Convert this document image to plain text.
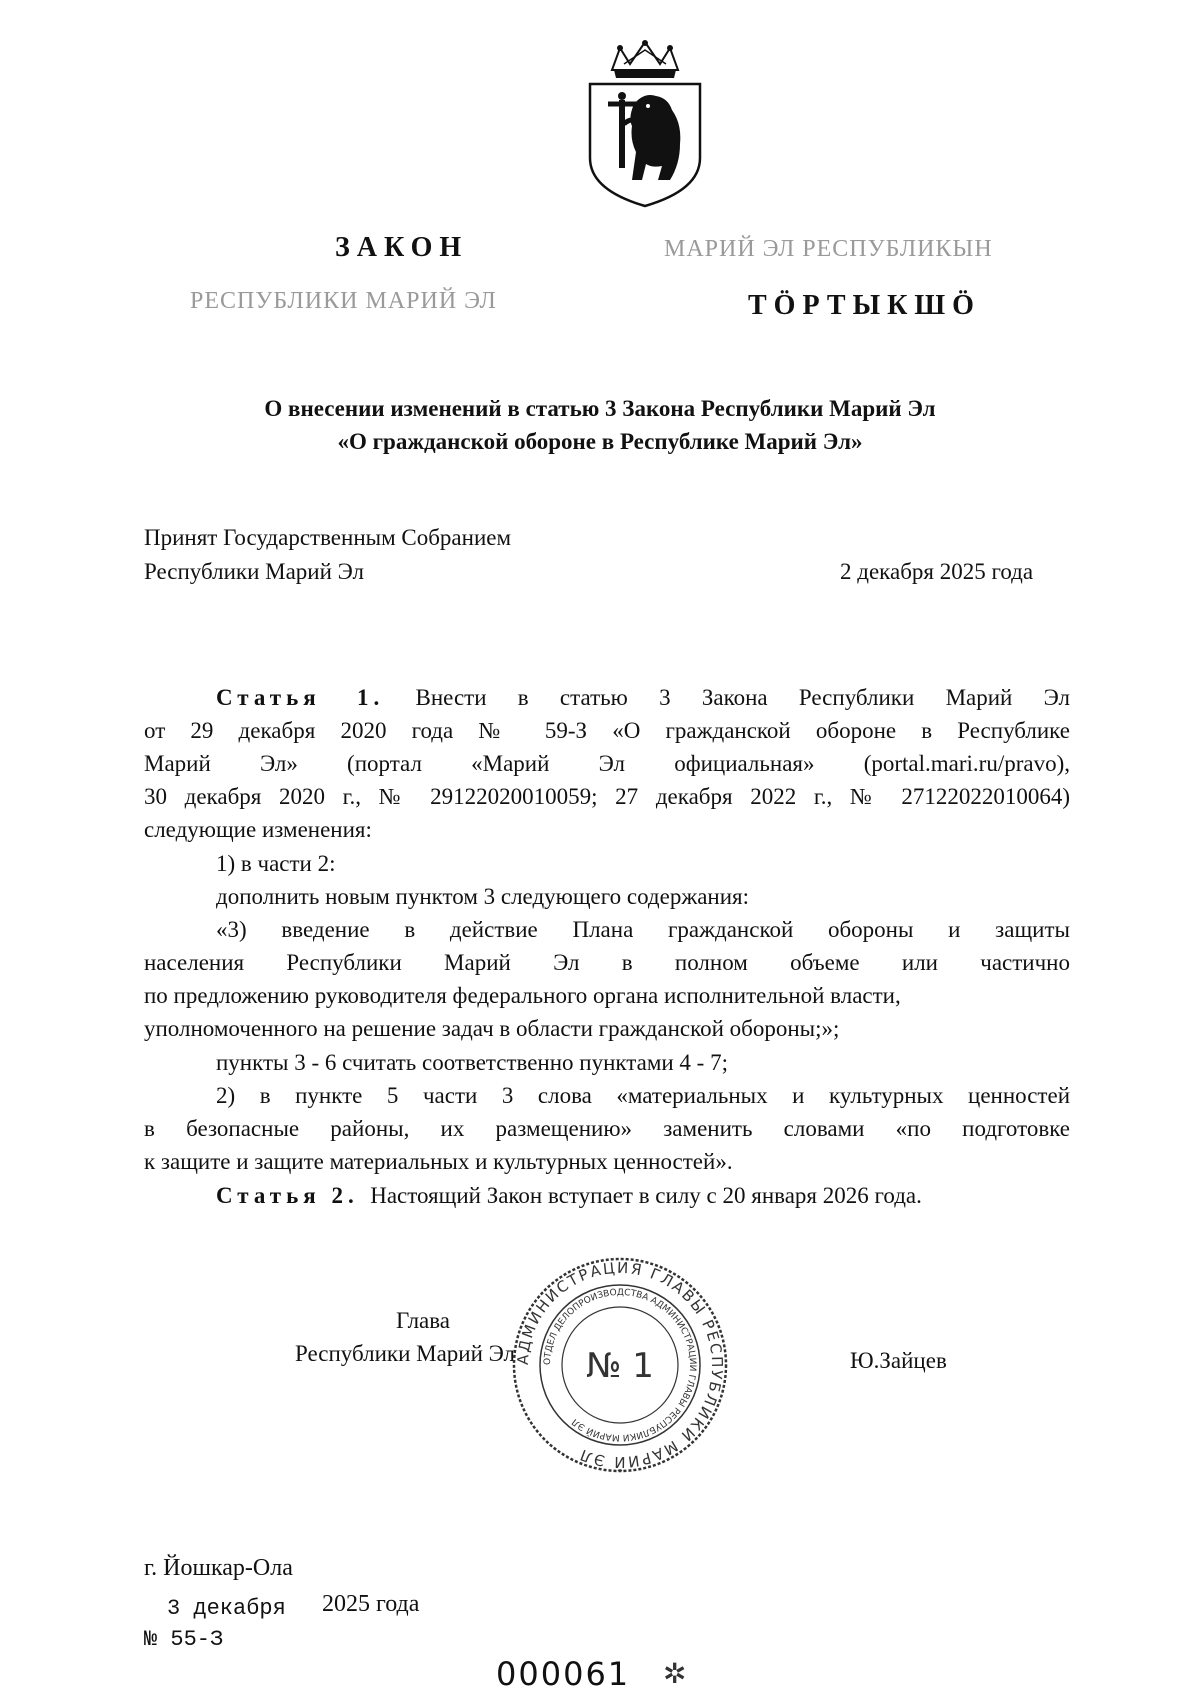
ЗАКОН
РЕСПУБЛИКИ МАРИЙ ЭЛ
МАРИЙ ЭЛ РЕСПУБЛИКЫН
ТӦРТЫКШӦ
О внесении изменений в статью 3 Закона Республики Марий Эл
«О гражданской обороне в Республике Марий Эл»
Принят Государственным Собранием
Республики Марий Эл	2 декабря 2025 года
Статья 1. Внести в статью 3 Закона Республики Марий Эл
от 29 декабря 2020 года № 59-З «О гражданской обороне в Республике
Марий Эл» (портал «Марий Эл официальная» (portal.mari.ru/pravo),
30 декабря 2020 г., № 29122020010059; 27 декабря 2022 г., № 27122022010064)
следующие изменения:
1) в части 2:
дополнить новым пунктом 3 следующего содержания:
«3) введение в действие Плана гражданской обороны и защиты
населения Республики Марий Эл в полном объеме или частично
по предложению руководителя федерального органа исполнительной власти,
уполномоченного на решение задач в области гражданской обороны;»;
пункты 3 - 6 считать соответственно пунктами 4 - 7;
2) в пункте 5 части 3 слова «материальных и культурных ценностей
в безопасные районы, их размещению» заменить словами «по подготовке
к защите и защите материальных и культурных ценностей».
Статья 2. Настоящий Закон вступает в силу с 20 января 2026 года.
Глава
Республики Марий Эл	Ю.Зайцев
АДМИНИСТРАЦИЯ ГЛАВЫ РЕСПУБЛИКИ МАРИЙ ЭЛ
ОТДЕЛ ДЕЛОПРОИЗВОДСТВА АДМИНИСТРАЦИИ ГЛАВЫ РЕСПУБЛИКИ МАРИЙ ЭЛ
№ 1
г. Йошкар-Ола
3 декабря 2025 года
№ 55-З
000061 ✲
